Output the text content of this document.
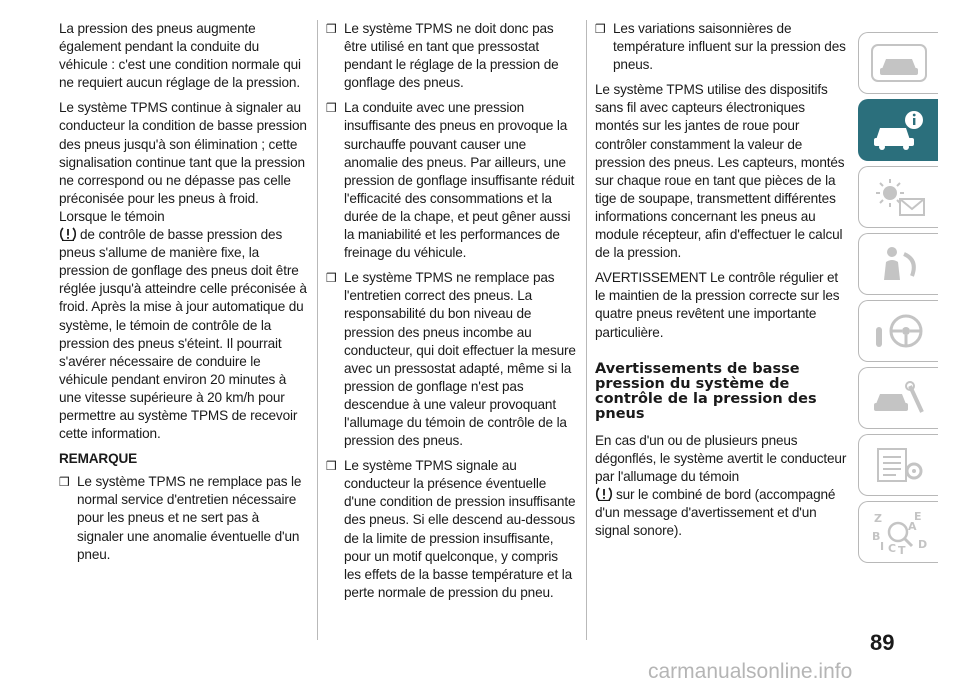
La pression des pneus augmente également pendant la conduite du véhicule : c'est une condition normale qui ne requiert aucun réglage de la pression.

Le système TPMS continue à signaler au conducteur la condition de basse pression des pneus jusqu'à son élimination ; cette signalisation continue tant que la pression ne correspond ou ne dépasse pas celle préconisée pour les pneus à froid. Lorsque le témoin
de contrôle de basse pression des pneus s'allume de manière fixe, la pression de gonflage des pneus doit être réglée jusqu'à atteindre celle préconisée à froid. Après la mise à jour automatique du système, le témoin de contrôle de la pression des pneus s'éteint. Il pourrait s'avérer nécessaire de conduire le véhicule pendant environ 20 minutes à une vitesse supérieure à 20 km/h pour permettre au système TPMS de recevoir cette information.

REMARQUE
❒ Le système TPMS ne remplace pas le normal service d'entretien nécessaire pour les pneus et ne sert pas à signaler une anomalie éventuelle d'un pneu.
❒ Le système TPMS ne doit donc pas être utilisé en tant que pressostat pendant le réglage de la pression de gonflage des pneus.
❒ La conduite avec une pression insuffisante des pneus en provoque la surchauffe pouvant causer une anomalie des pneus. Par ailleurs, une pression de gonflage insuffisante réduit l'efficacité des consommations et la durée de la chape, et peut gêner aussi la maniabilité et les performances de freinage du véhicule.
❒ Le système TPMS ne remplace pas l'entretien correct des pneus. La responsabilité du bon niveau de pression des pneus incombe au conducteur, qui doit effectuer la mesure avec un pressostat adapté, même si la pression de gonflage n'est pas descendue à une valeur provoquant l'allumage du témoin de contrôle de la pression des pneus.
❒ Le système TPMS signale au conducteur la présence éventuelle d'une condition de pression insuffisante des pneus. Si elle descend au-dessous de la limite de pression insuffisante, pour un motif quelconque, y compris les effets de la basse température et la perte normale de pression du pneu.
❒ Les variations saisonnières de température influent sur la pression des pneus.

Le système TPMS utilise des dispositifs sans fil avec capteurs électroniques montés sur les jantes de roue pour contrôler constamment la valeur de pression des pneus. Les capteurs, montés sur chaque roue en tant que pièces de la tige de soupape, transmettent différentes informations concernant les pneus au module récepteur, afin d'effectuer le calcul de la pression.

AVERTISSEMENT Le contrôle régulier et le maintien de la pression correcte sur les quatre pneus revêtent une importante particulière.

Avertissements de basse pression du système de contrôle de la pression des pneus

En cas d'un ou de plusieurs pneus dégonflés, le système avertit le conducteur par l'allumage du témoin
sur le combiné de bord (accompagné d'un message d'avertissement et d'un signal sonore).

Z	E
A
B
C T D
I
89
carmanualsonline.info
